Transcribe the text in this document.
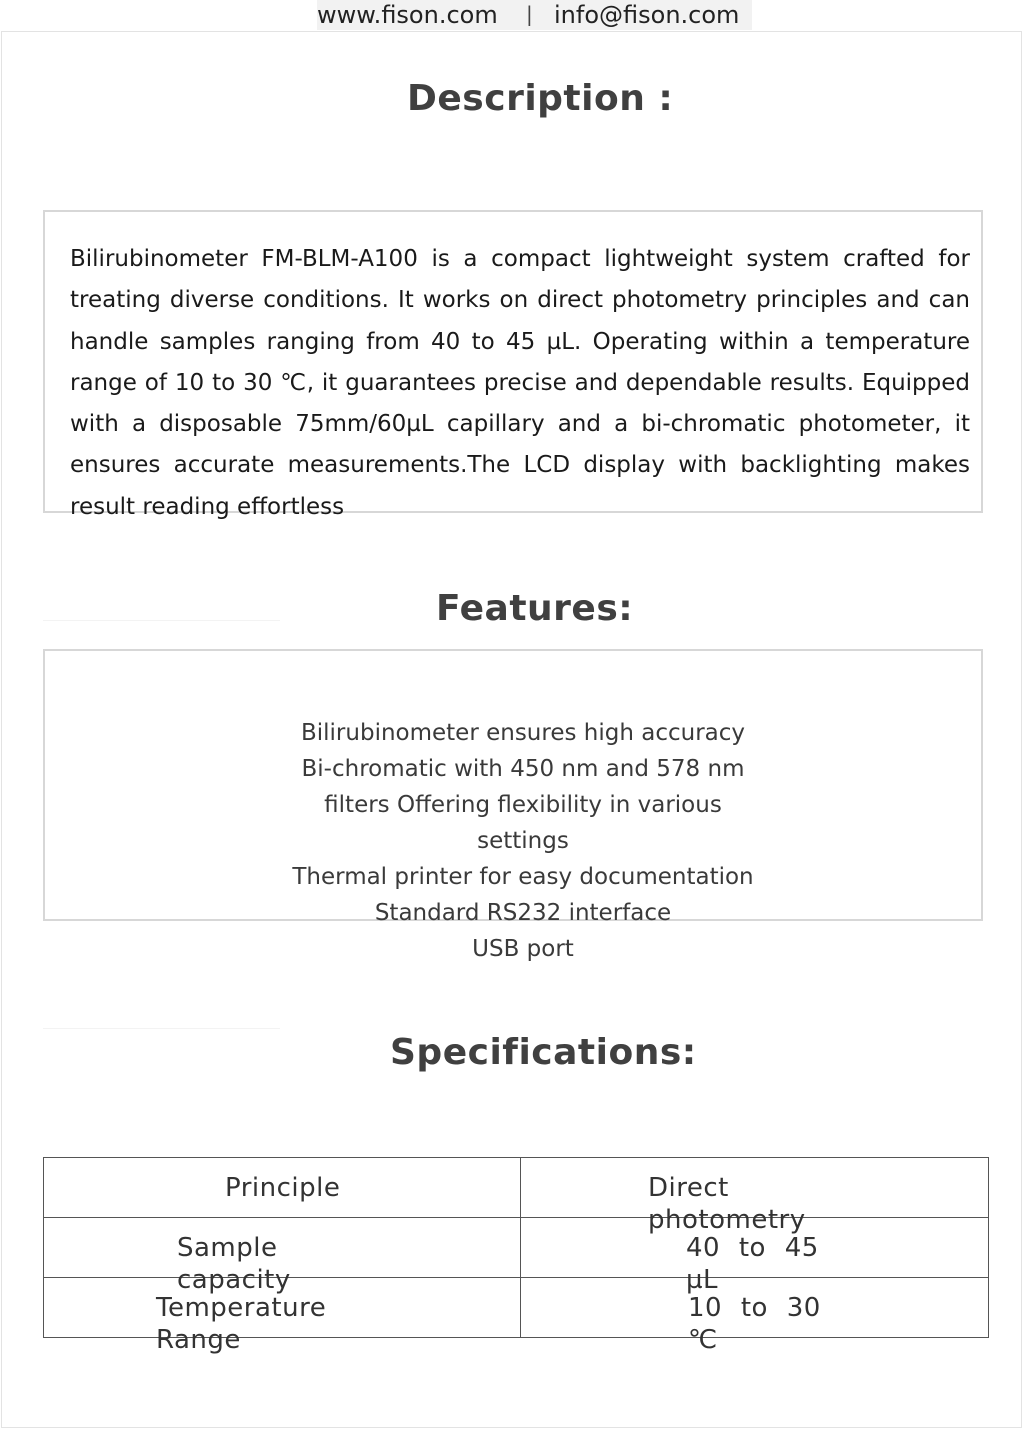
www.fison.com | info@fison.com
Description :

Bilirubinometer FM-BLM-A100 is a compact lightweight system crafted for treating diverse conditions. It works on direct photometry principles and can handle samples ranging from 40 to 45 µL. Operating within a temperature range of 10 to 30 ℃, it guarantees precise and dependable results. Equipped with a disposable 75mm/60µL capillary and a bi-chromatic photometer, it ensures accurate measurements.The LCD display with backlighting makes result reading effortless

Features:
Bilirubinometer ensures high accuracy
Bi-chromatic with 450 nm and 578 nm filters Offering flexibility in various settings
Thermal printer for easy documentation
Standard RS232 interface
USB port
Specifications:
Principle	Direct photometry
Sample capacity
40 to 45 µL
Temperature Range
10 to 30 ℃
